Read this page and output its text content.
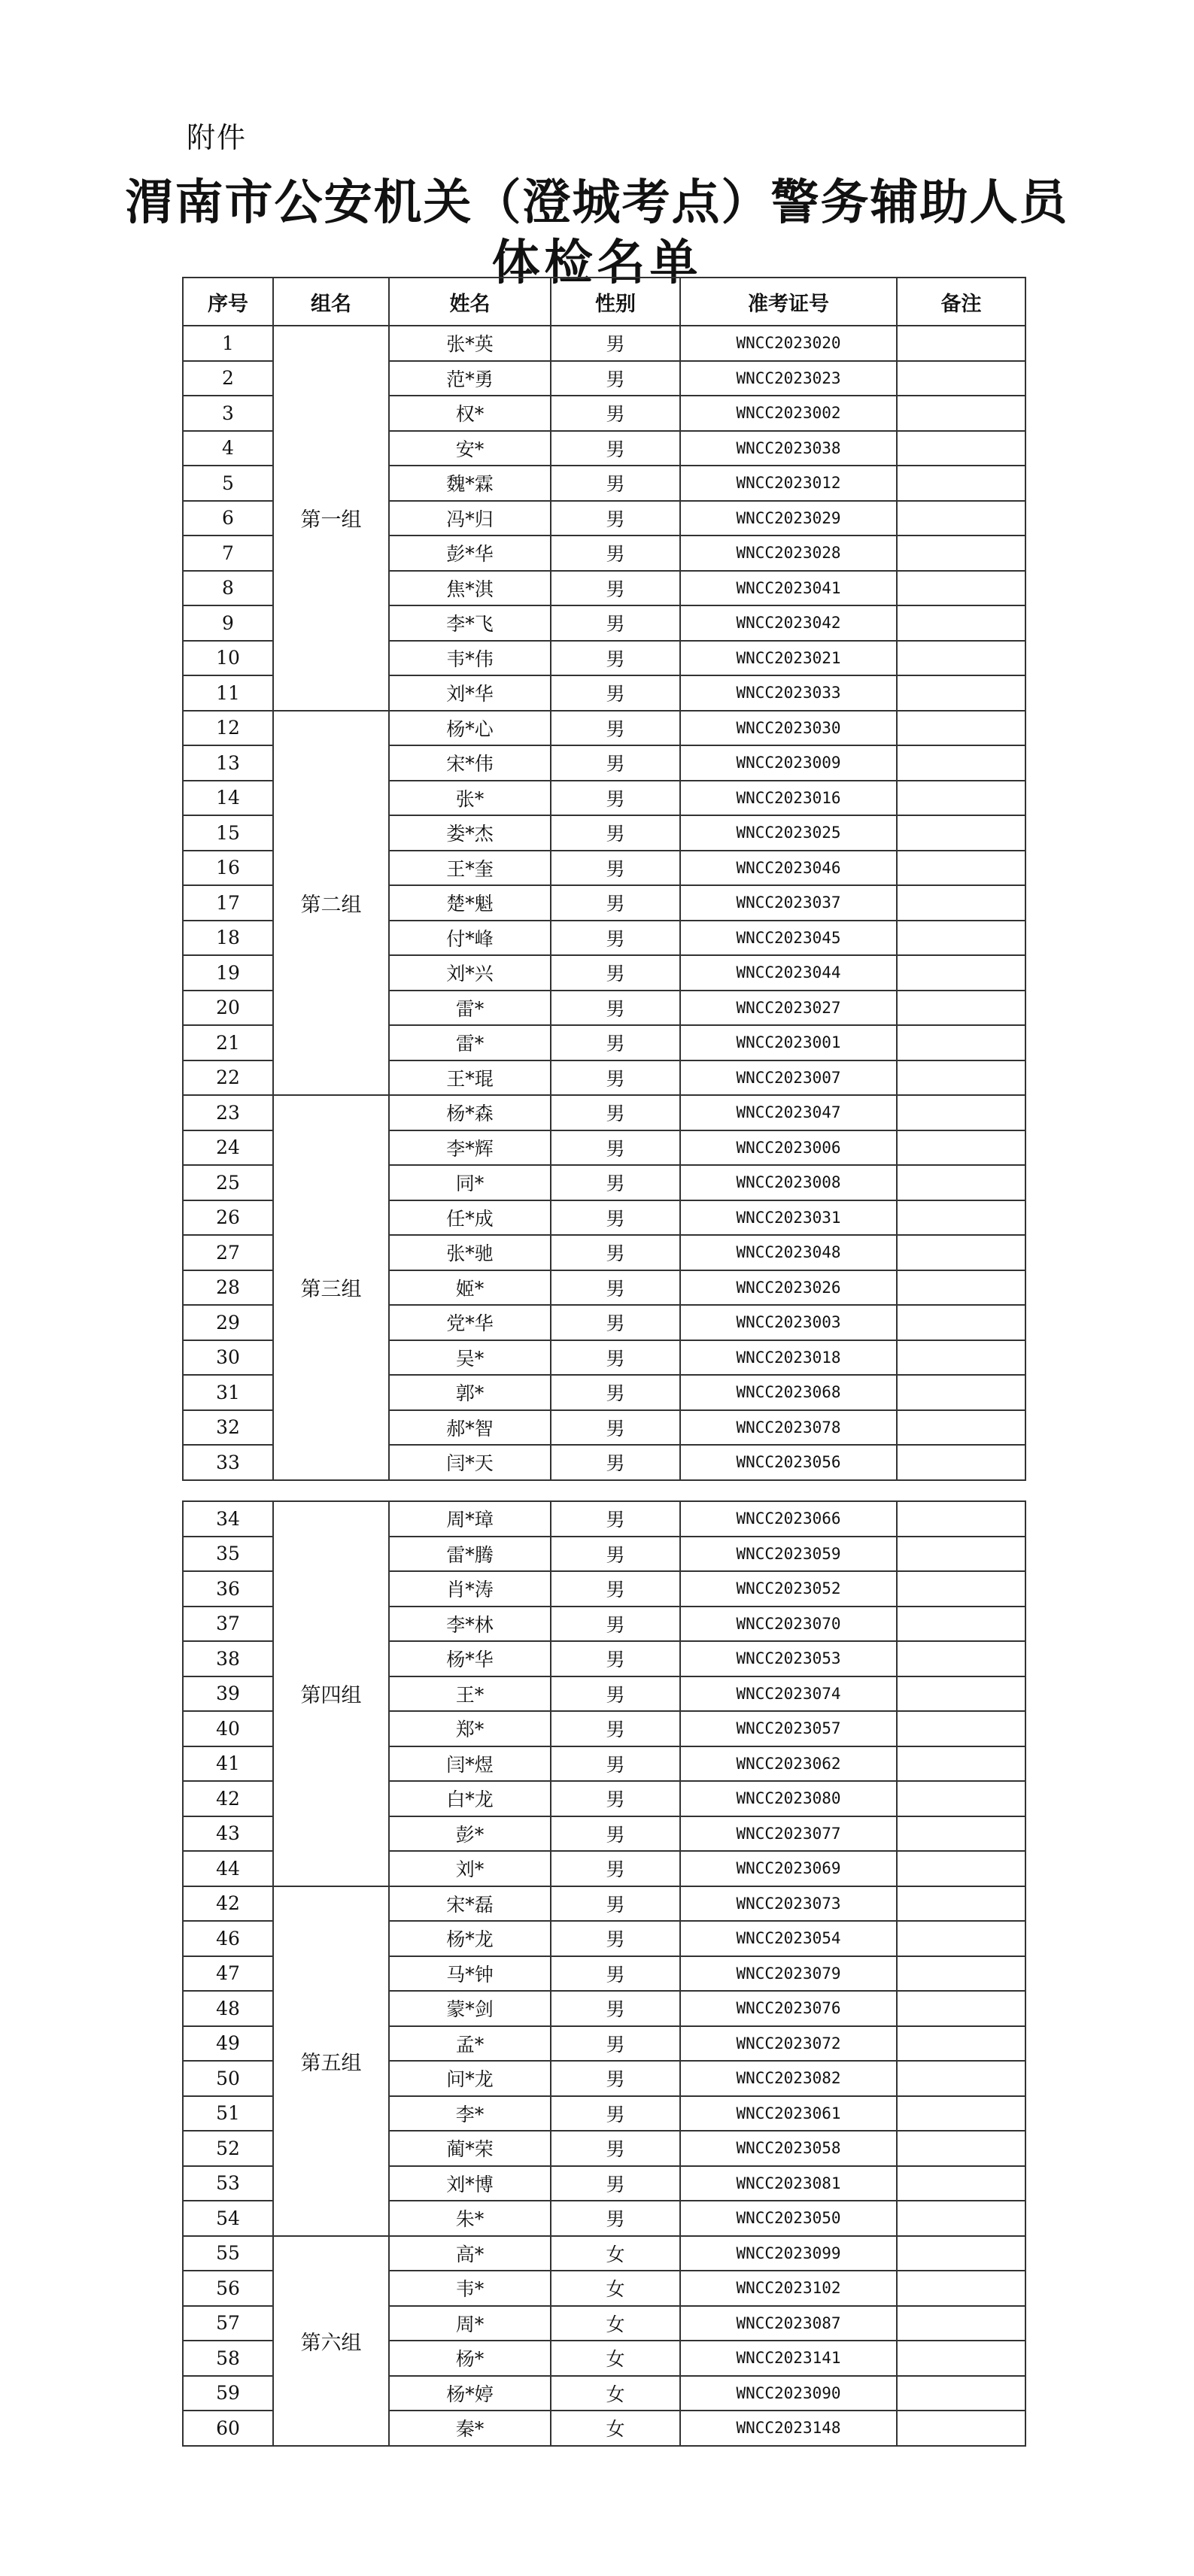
附件
渭南市公安机关（澄城考点）警务辅助人员
体检名单
序号	组名	姓名	性别	准考证号	备注
1	第一组	张*英	男	WNCC2023020	
2		范*勇	男	WNCC2023023	
3		权*	男	WNCC2023002	
4		安*	男	WNCC2023038	
5		魏*霖	男	WNCC2023012	
6		冯*归	男	WNCC2023029	
7		彭*华	男	WNCC2023028	
8		焦*淇	男	WNCC2023041	
9		李*飞	男	WNCC2023042	
10		韦*伟	男	WNCC2023021	
11		刘*华	男	WNCC2023033	
12	第二组	杨*心	男	WNCC2023030	
13		宋*伟	男	WNCC2023009	
14		张*	男	WNCC2023016	
15		娄*杰	男	WNCC2023025	
16		王*奎	男	WNCC2023046	
17		楚*魁	男	WNCC2023037	
18		付*峰	男	WNCC2023045	
19		刘*兴	男	WNCC2023044	
20		雷*	男	WNCC2023027	
21		雷*	男	WNCC2023001	
22		王*琨	男	WNCC2023007	
23	第三组	杨*森	男	WNCC2023047	
24		李*辉	男	WNCC2023006	
25		同*	男	WNCC2023008	
26		任*成	男	WNCC2023031	
27		张*驰	男	WNCC2023048	
28		姬*	男	WNCC2023026	
29		党*华	男	WNCC2023003	
30		吴*	男	WNCC2023018	
31		郭*	男	WNCC2023068	
32		郝*智	男	WNCC2023078	
33		闫*天	男	WNCC2023056	
34	第四组	周*璋	男	WNCC2023066	
35		雷*腾	男	WNCC2023059	
36		肖*涛	男	WNCC2023052	
37		李*林	男	WNCC2023070	
38		杨*华	男	WNCC2023053	
39		王*	男	WNCC2023074	
40		郑*	男	WNCC2023057	
41		闫*煜	男	WNCC2023062	
42		白*龙	男	WNCC2023080	
43		彭*	男	WNCC2023077	
44		刘*	男	WNCC2023069	
42	第五组	宋*磊	男	WNCC2023073	
46		杨*龙	男	WNCC2023054	
47		马*钟	男	WNCC2023079	
48		蒙*剑	男	WNCC2023076	
49		孟*	男	WNCC2023072	
50		问*龙	男	WNCC2023082	
51		李*	男	WNCC2023061	
52		蔺*荣	男	WNCC2023058	
53		刘*博	男	WNCC2023081	
54		朱*	男	WNCC2023050	
55	第六组	高*	女	WNCC2023099	
56		韦*	女	WNCC2023102	
57		周*	女	WNCC2023087	
58		杨*	女	WNCC2023141	
59		杨*婷	女	WNCC2023090	
60		秦*	女	WNCC2023148	
